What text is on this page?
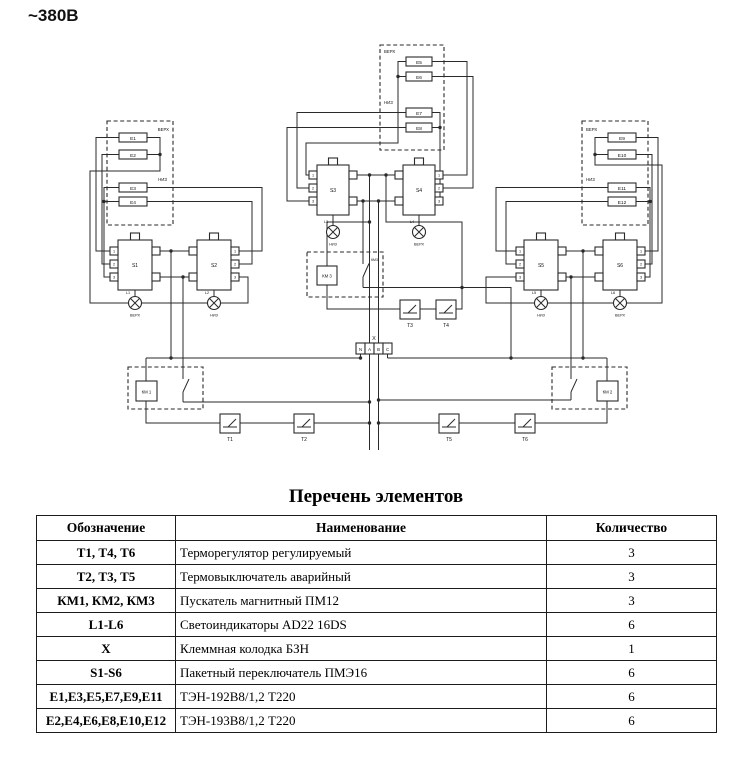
~380В
ВЕРХ
Е1
Е2
НИЗ
Е3
Е4
ВЕРХ
Е5
Е6
НИЗ
Е7
Е8	ВЕРХ
Е9
Е10
НИЗ
Е11
Е12
S1
1
2
3
S2
1
2
3
S3
1
2
3
S4
1
2
3
S5
1
2
3
S6
1
2
3
L1
ВЕРХ
L2
НИЗ
L3
НИЗ
L4
ВЕРХ
L5
НИЗ
L6
ВЕРХ
КМ 3
КМ3
КМ 1	КМ 2
Т1	Т2
Т3	Т4
Т5	Т6
X
N А В С
Перечень элементов
Обозначение	Наименование	Количество
Т1, Т4, Т6	Терморегулятор регулируемый	3
Т2, Т3, Т5	Термовыключатель аварийный	3
КМ1, КМ2, КМ3	Пускатель магнитный ПМ12	3
L1-L6	Светоиндикаторы AD22 16DS	6
X	Клеммная колодка БЗН	1
S1-S6	Пакетный переключатель ПМЭ16	6
Е1,Е3,Е5,Е7,Е9,Е11	ТЭН-192В8/1,2 Т220	6
Е2,Е4,Е6,Е8,Е10,Е12	ТЭН-193В8/1,2 Т220	6
